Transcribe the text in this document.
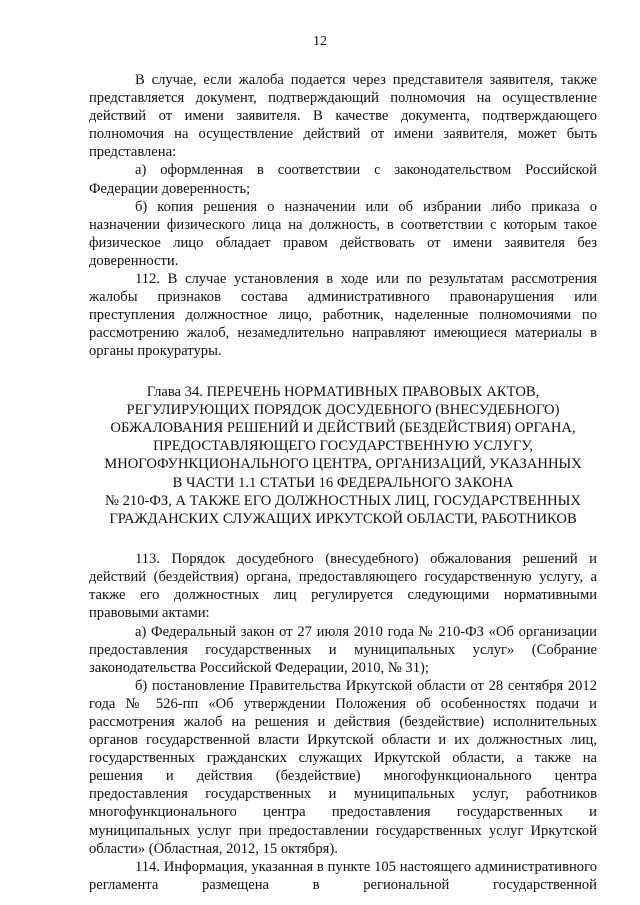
12

В случае, если жалоба подается через представителя заявителя, также представляется документ, подтверждающий полномочия на осуществление действий от имени заявителя. В качестве документа, подтверждающего полномочия на осуществление действий от имени заявителя, может быть представлена:

а) оформленная в соответствии с законодательством Российской Федерации доверенность;

б) копия решения о назначении или об избрании либо приказа о назначении физического лица на должность, в соответствии с которым такое физическое лицо обладает правом действовать от имени заявителя без доверенности.

112. В случае установления в ходе или по результатам рассмотрения жалобы признаков состава административного правонарушения или преступления должностное лицо, работник, наделенные полномочиями по рассмотрению жалоб, незамедлительно направляют имеющиеся материалы в органы прокуратуры.

Глава 34. ПЕРЕЧЕНЬ НОРМАТИВНЫХ ПРАВОВЫХ АКТОВ,
РЕГУЛИРУЮЩИХ ПОРЯДОК ДОСУДЕБНОГО (ВНЕСУДЕБНОГО)
ОБЖАЛОВАНИЯ РЕШЕНИЙ И ДЕЙСТВИЙ (БЕЗДЕЙСТВИЯ) ОРГАНА,
ПРЕДОСТАВЛЯЮЩЕГО ГОСУДАРСТВЕННУЮ УСЛУГУ,
МНОГОФУНКЦИОНАЛЬНОГО ЦЕНТРА, ОРГАНИЗАЦИЙ, УКАЗАННЫХ
В ЧАСТИ 1.1 СТАТЬИ 16 ФЕДЕРАЛЬНОГО ЗАКОНА
№ 210-ФЗ, А ТАКЖЕ ЕГО ДОЛЖНОСТНЫХ ЛИЦ, ГОСУДАРСТВЕННЫХ
ГРАЖДАНСКИХ СЛУЖАЩИХ ИРКУТСКОЙ ОБЛАСТИ, РАБОТНИКОВ

113. Порядок досудебного (внесудебного) обжалования решений и действий (бездействия) органа, предоставляющего государственную услугу, а также его должностных лиц регулируется следующими нормативными правовыми актами:

а) Федеральный закон от 27 июля 2010 года № 210-ФЗ «Об организации предоставления государственных и муниципальных услуг» (Собрание законодательства Российской Федерации, 2010, № 31);

б) постановление Правительства Иркутской области от 28 сентября 2012 года № 526-пп «Об утверждении Положения об особенностях подачи и рассмотрения жалоб на решения и действия (бездействие) исполнительных органов государственной власти Иркутской области и их должностных лиц, государственных гражданских служащих Иркутской области, а также на решения и действия (бездействие) многофункционального центра предоставления государственных и муниципальных услуг, работников многофункционального центра предоставления государственных и муниципальных услуг при предоставлении государственных услуг Иркутской области» (Областная, 2012, 15 октября).

114. Информация, указанная в пункте 105 настоящего административного регламента размещена в региональной государственной
